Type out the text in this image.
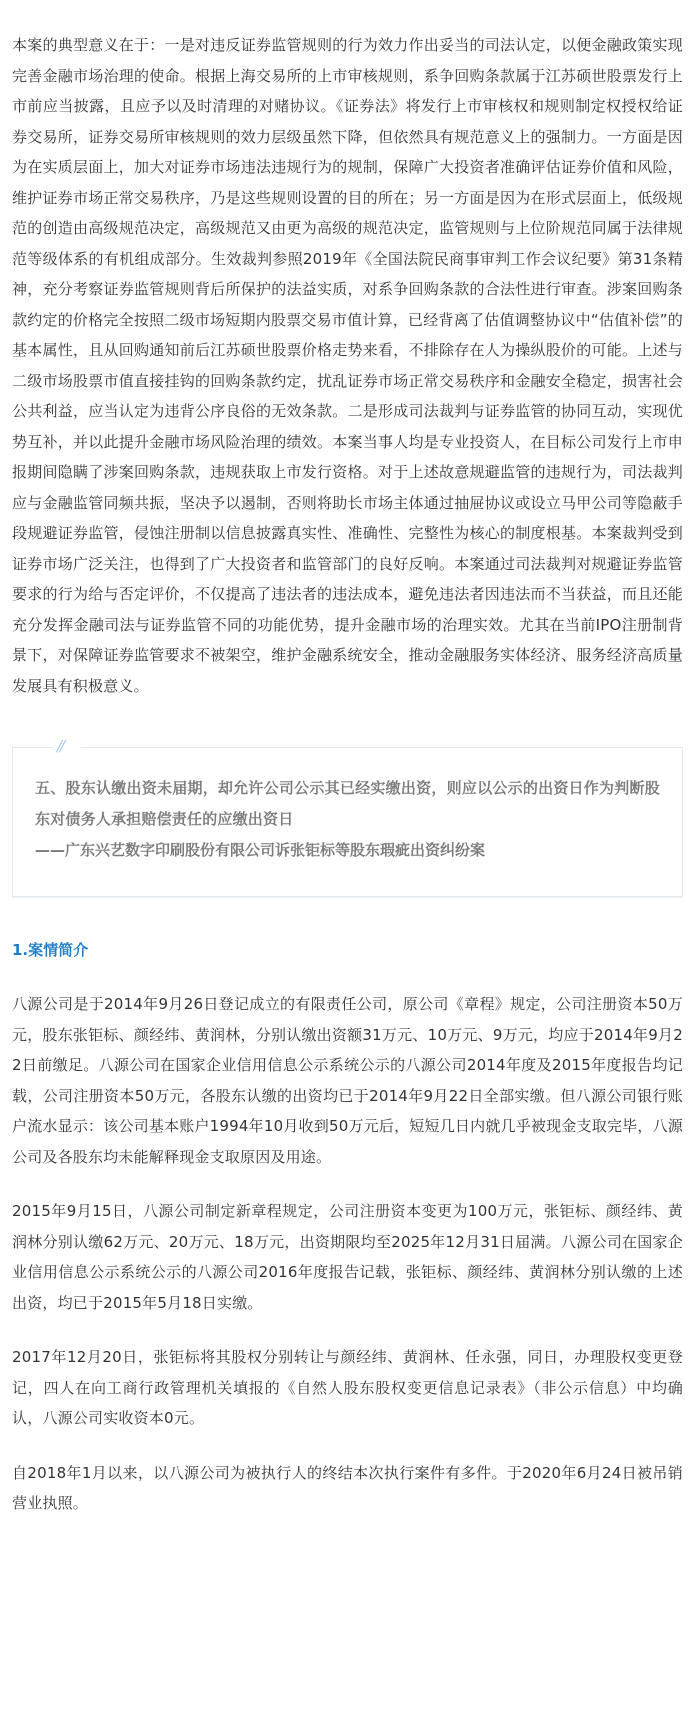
本案的典型意义在于：一是对违反证券监管规则的行为效力作出妥当的司法认定，以便金融政策实现完善金融市场治理的使命。根据上海交易所的上市审核规则，系争回购条款属于江苏硕世股票发行上市前应当披露，且应予以及时清理的对赌协议。《证券法》将发行上市审核权和规则制定权授权给证券交易所，证券交易所审核规则的效力层级虽然下降，但依然具有规范意义上的强制力。一方面是因为在实质层面上，加大对证券市场违法违规行为的规制，保障广大投资者准确评估证券价值和风险，维护证券市场正常交易秩序，乃是这些规则设置的目的所在；另一方面是因为在形式层面上，低级规范的创造由高级规范决定，高级规范又由更为高级的规范决定，监管规则与上位阶规范同属于法律规范等级体系的有机组成部分。生效裁判参照2019年《全国法院民商事审判工作会议纪要》第31条精神，充分考察证券监管规则背后所保护的法益实质，对系争回购条款的合法性进行审查。涉案回购条款约定的价格完全按照二级市场短期内股票交易市值计算，已经背离了估值调整协议中“估值补偿”的基本属性，且从回购通知前后江苏硕世股票价格走势来看，不排除存在人为操纵股价的可能。上述与二级市场股票市值直接挂钩的回购条款约定，扰乱证券市场正常交易秩序和金融安全稳定，损害社会公共利益，应当认定为违背公序良俗的无效条款。二是形成司法裁判与证券监管的协同互动，实现优势互补，并以此提升金融市场风险治理的绩效。本案当事人均是专业投资人，在目标公司发行上市申报期间隐瞒了涉案回购条款，违规获取上市发行资格。对于上述故意规避监管的违规行为，司法裁判应与金融监管同频共振，坚决予以遏制，否则将助长市场主体通过抽屉协议或设立马甲公司等隐蔽手段规避证券监管，侵蚀注册制以信息披露真实性、准确性、完整性为核心的制度根基。本案裁判受到证券市场广泛关注，也得到了广大投资者和监管部门的良好反响。本案通过司法裁判对规避证券监管要求的行为给与否定评价，不仅提高了违法者的违法成本，避免违法者因违法而不当获益，而且还能充分发挥金融司法与证券监管不同的功能优势，提升金融市场的治理实效。尤其在当前IPO注册制背景下，对保障证券监管要求不被架空，维护金融系统安全，推动金融服务实体经济、服务经济高质量发展具有积极意义。

//

五、股东认缴出资未届期，却允许公司公示其已经实缴出资，则应以公示的出资日作为判断股东对债务人承担赔偿责任的应缴出资日

——广东兴艺数字印刷股份有限公司诉张钜标等股东瑕疵出资纠纷案

1.案情简介

八源公司是于2014年9月26日登记成立的有限责任公司，原公司《章程》规定，公司注册资本50万元，股东张钜标、颜经纬、黄润林，分别认缴出资额31万元、10万元、9万元，均应于2014年9月22日前缴足。八源公司在国家企业信用信息公示系统公示的八源公司2014年度及2015年度报告均记载，公司注册资本50万元，各股东认缴的出资均已于2014年9月22日全部实缴。但八源公司银行账户流水显示：该公司基本账户1994年10月收到50万元后，短短几日内就几乎被现金支取完毕，八源公司及各股东均未能解释现金支取原因及用途。

2015年9月15日，八源公司制定新章程规定，公司注册资本变更为100万元，张钜标、颜经纬、黄润林分别认缴62万元、20万元、18万元，出资期限均至2025年12月31日届满。八源公司在国家企业信用信息公示系统公示的八源公司2016年度报告记载，张钜标、颜经纬、黄润林分别认缴的上述出资，均已于2015年5月18日实缴。

2017年12月20日，张钜标将其股权分别转让与颜经纬、黄润林、任永强，同日，办理股权变更登记，四人在向工商行政管理机关填报的《自然人股东股权变更信息记录表》（非公示信息）中均确认，八源公司实收资本0元。

自2018年1月以来，以八源公司为被执行人的终结本次执行案件有多件。于2020年6月24日被吊销营业执照。
